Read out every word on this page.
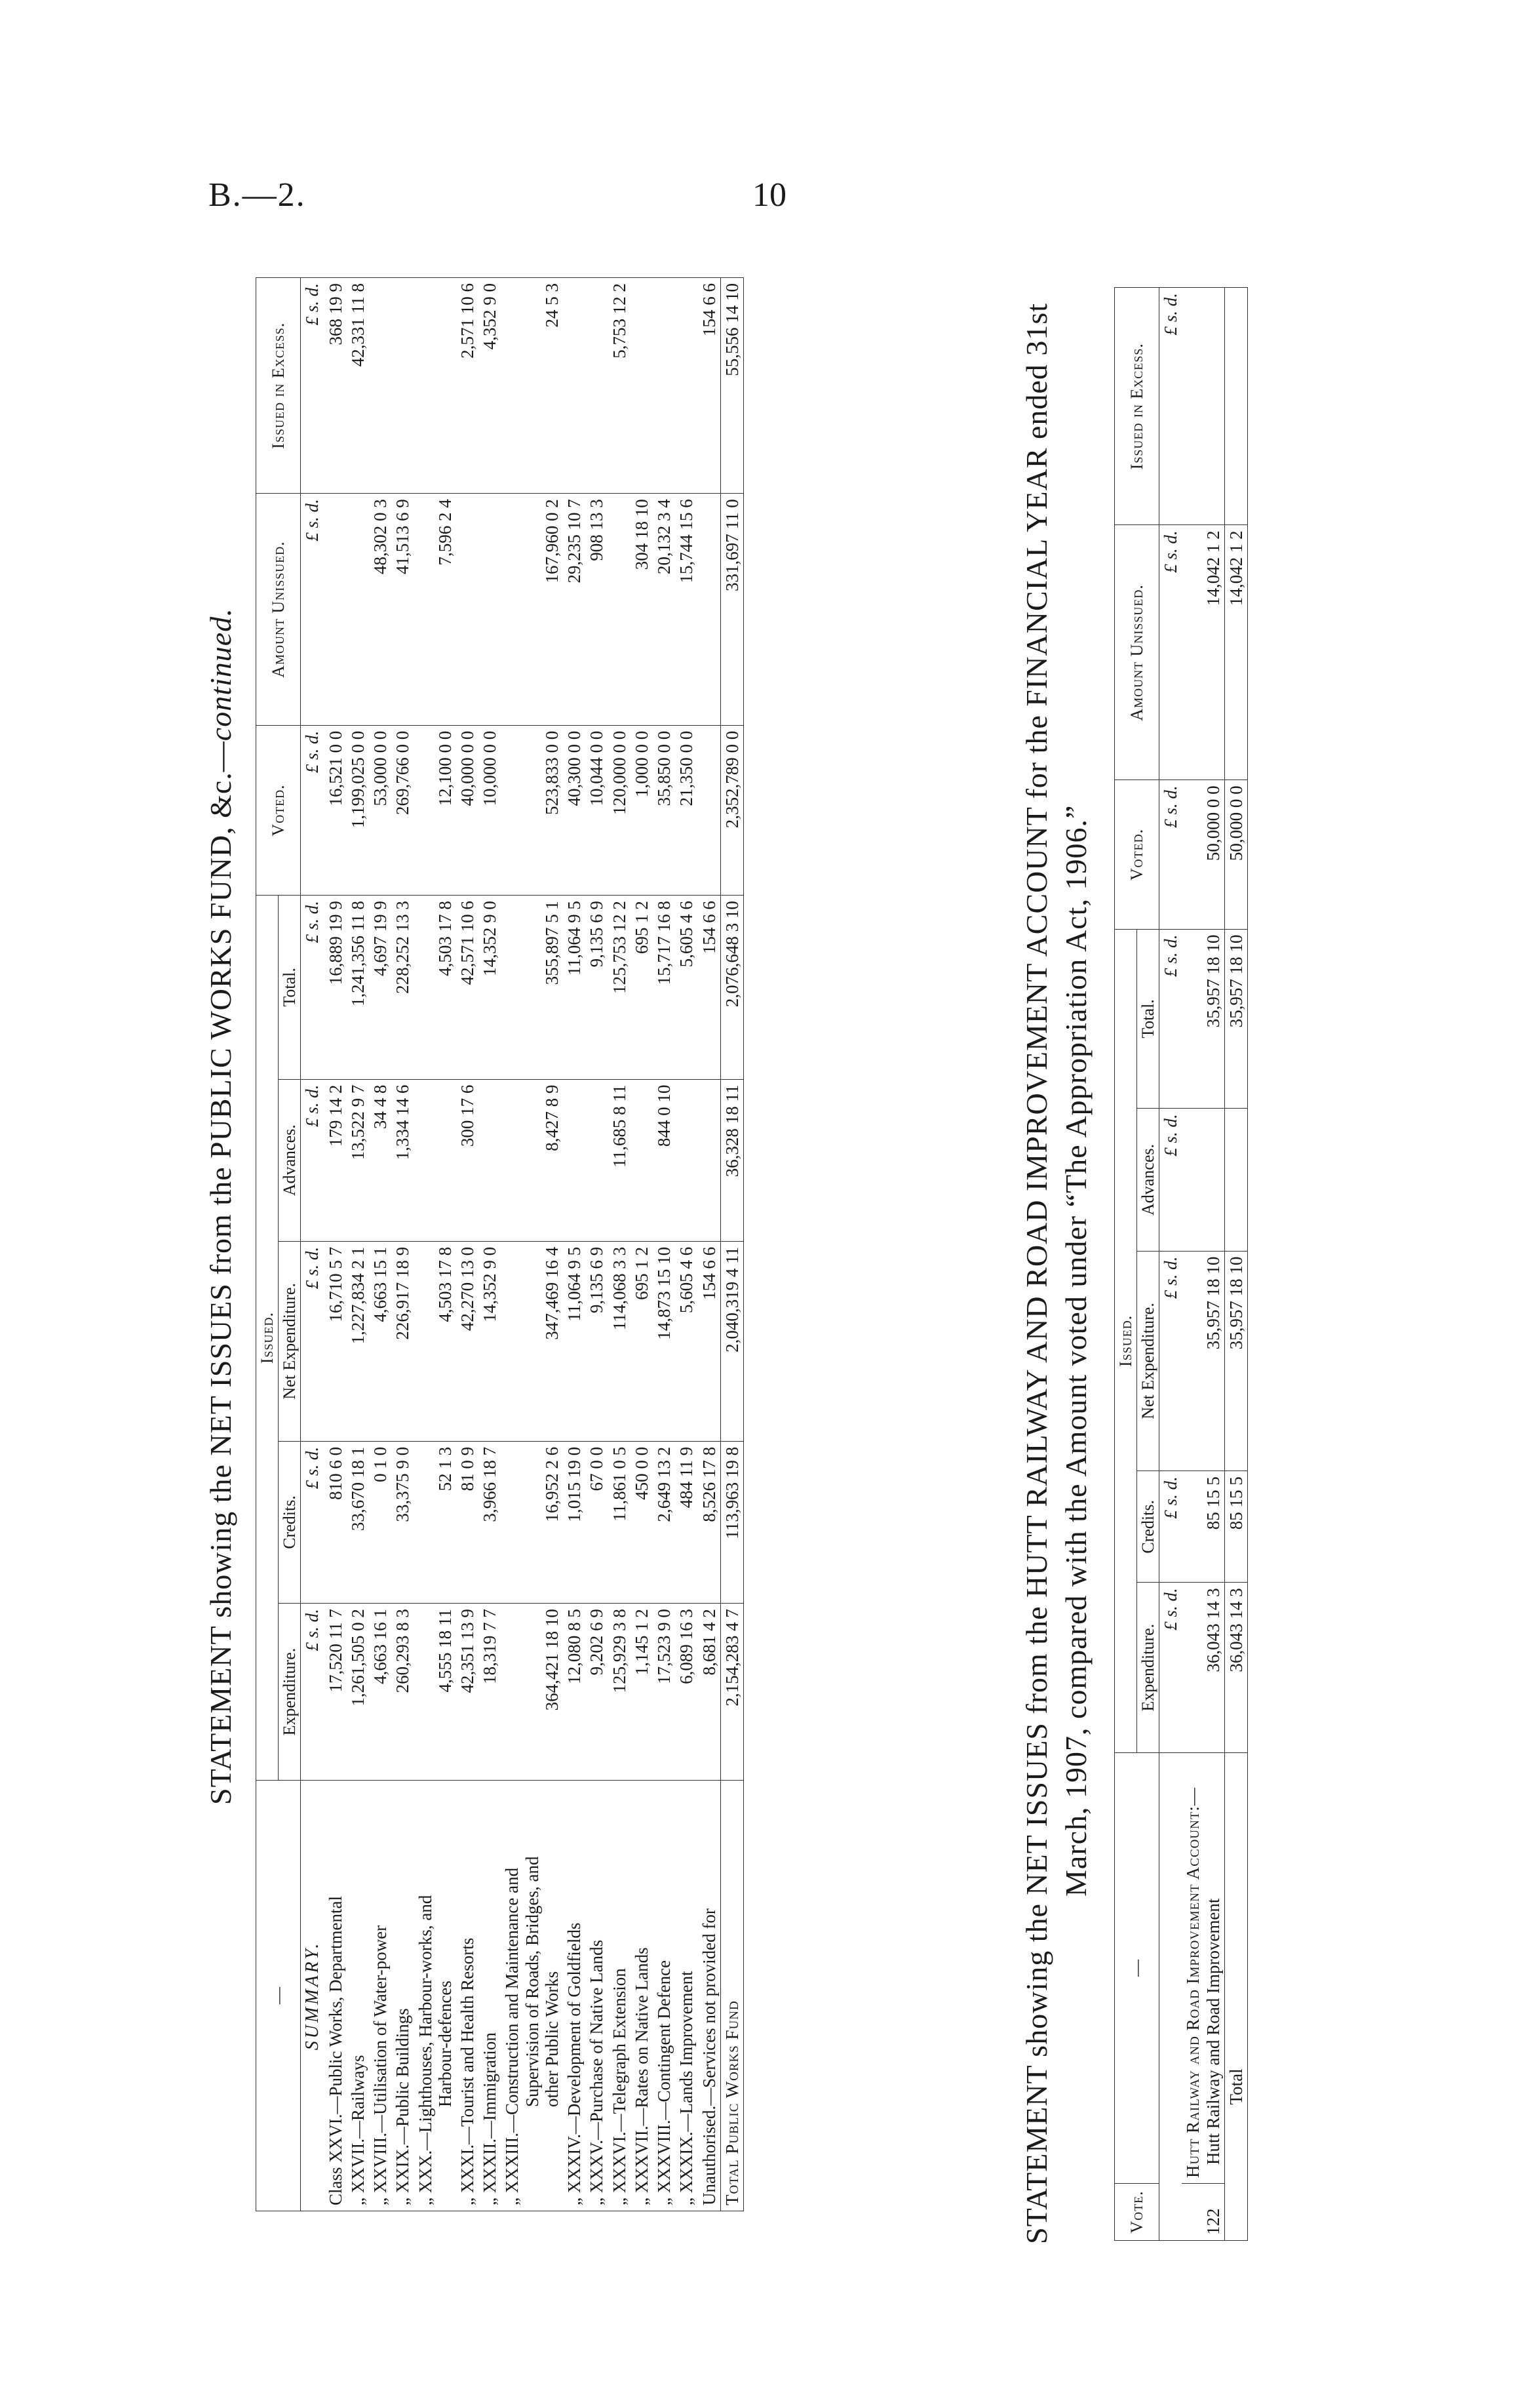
B.—2.	10
STATEMENT showing the NET ISSUES from the PUBLIC WORKS FUND, &c.—continued.
—	Issued.					Voted.	Amount Unissued.	Issued in Excess.
	Expenditure.	Credits.	Net Expenditure.	Advances.	Total.			
SUMMARY.	£ s. d.	£ s. d.	£ s. d.	£ s. d.	£ s. d.	£ s. d.	£ s. d.	£ s. d.

Class XXVI.—Public Works, Departmental	17,520 11 7	810 6 0	16,710 5 7	179 14 2	16,889 19 9	16,521 0 0		368 19 9

„ XXVII.—Railways	1,261,505 0 2	33,670 18 1	1,227,834 2 1	13,522 9 7	1,241,356 11 8	1,199,025 0 0		42,331 11 8

„ XXVIII.—Utilisation of Water-power	4,663 16 1	0 1 0	4,663 15 1	34 4 8	4,697 19 9	53,000 0 0	48,302 0 3	

„ XXIX.—Public Buildings	260,293 8 3	33,375 9 0	226,917 18 9	1,334 14 6	228,252 13 3	269,766 0 0	41,513 6 9	

„ XXX.—Lighthouses, Harbour-works, and Harbour-defences	4,555 18 11	52 1 3	4,503 17 8		4,503 17 8	12,100 0 0	7,596 2 4	

„ XXXI.—Tourist and Health Resorts	42,351 13 9	81 0 9	42,270 13 0	300 17 6	42,571 10 6	40,000 0 0		2,571 10 6

„ XXXII.—Immigration	18,319 7 7	3,966 18 7	14,352 9 0		14,352 9 0	10,000 0 0		4,352 9 0

„ XXXIII.—Construction and Maintenance and Supervision of Roads, Bridges, and other Public Works	364,421 18 10	16,952 2 6	347,469 16 4	8,427 8 9	355,897 5 1	523,833 0 0	167,960 0 2	24 5 3

„ XXXIV.—Development of Goldfields	12,080 8 5	1,015 19 0	11,064 9 5		11,064 9 5	40,300 0 0	29,235 10 7	

„ XXXV.—Purchase of Native Lands	9,202 6 9	67 0 0	9,135 6 9		9,135 6 9	10,044 0 0	908 13 3	

„ XXXVI.—Telegraph Extension	125,929 3 8	11,861 0 5	114,068 3 3	11,685 8 11	125,753 12 2	120,000 0 0		5,753 12 2

„ XXXVII.—Rates on Native Lands	1,145 1 2	450 0 0	695 1 2		695 1 2	1,000 0 0	304 18 10	

„ XXXVIII.—Contingent Defence	17,523 9 0	2,649 13 2	14,873 15 10	844 0 10	15,717 16 8	35,850 0 0	20,132 3 4	

„ XXXIX.—Lands Improvement	6,089 16 3	484 11 9	5,605 4 6		5,605 4 6	21,350 0 0	15,744 15 6	

Unauthorised.—Services not provided for	8,681 4 2	8,526 17 8	154 6 6		154 6 6			154 6 6
Total Public Works Fund	2,154,283 4 7	113,963 19 8	2,040,319 4 11	36,328 18 11	2,076,648 3 10	2,352,789 0 0	331,697 11 0	55,556 14 10	STATEMENT showing the NET ISSUES from the HUTT RAILWAY AND ROAD IMPROVEMENT ACCOUNT for the FINANCIAL YEAR ended 31st March, 1907, compared with the Amount voted under “The Appropriation Act, 1906.”
Vote.	—	Issued.					Voted.	Amount Unissued.	Issued in Excess.
		Expenditure.	Credits.	Net Expenditure.	Advances.	Total.			
		£ s. d.	£ s. d.	£ s. d.	£ s. d.	£ s. d.	£ s. d.	£ s. d.	£ s. d.
122	Hutt Railway and Road Improvement Account:— Hutt Railway and Road Improvement	36,043 14 3	85 15 5	35,957 18 10		35,957 18 10	50,000 0 0	14,042 1 2	
	Total	36,043 14 3	85 15 5	35,957 18 10		35,957 18 10	50,000 0 0	14,042 1 2	
